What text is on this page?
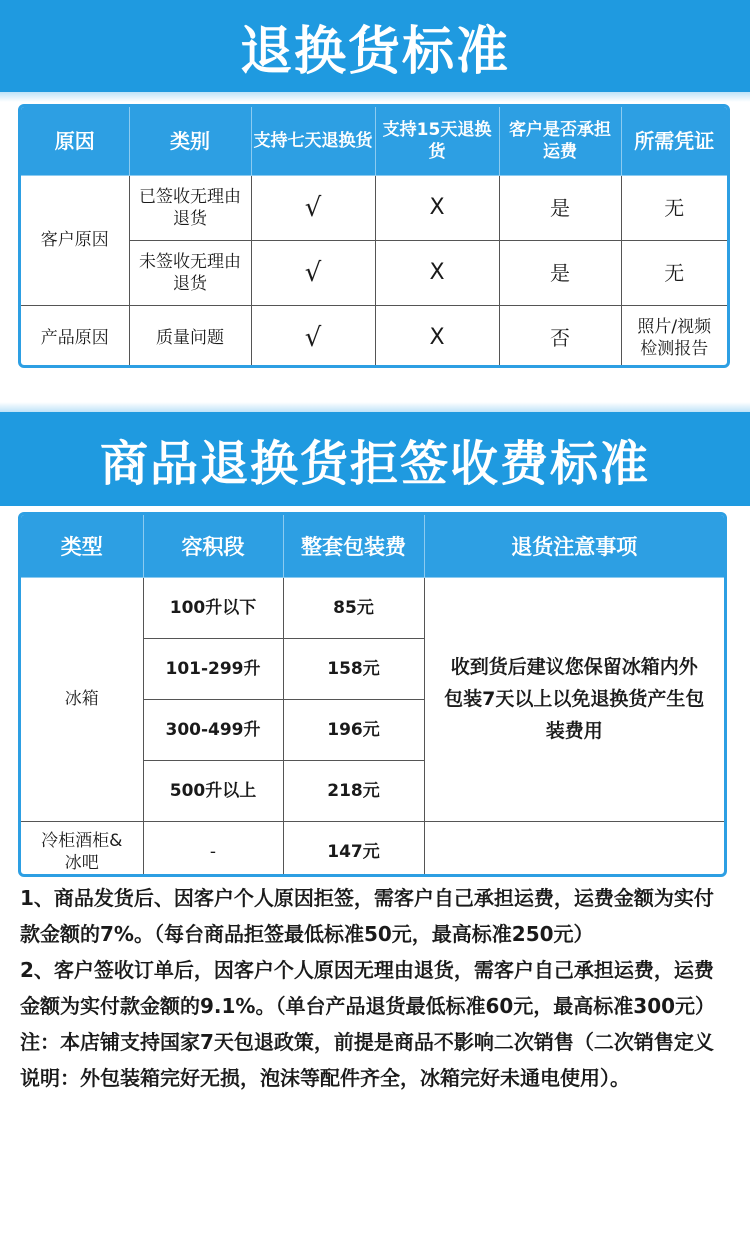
退换货标准
原因	类别	支持七天退换货	支持15天退换货	客户是否承担运费	所需凭证
客户原因	已签收无理由退货	√	X	是	无
	未签收无理由退货	√	X	是	无
产品原因	质量问题	√	X	否	照片/视频检测报告
商品退换货拒签收费标准
类型	容积段	整套包装费	退货注意事项
冰箱	100升以下	85元	收到货后建议您保留冰箱内外包装7天以上以免退换货产生包装费用
	101-299升	158元	
	300-499升	196元	
	500升以上	218元	
冷柜酒柜&冰吧	-	147元	

1、商品发货后、因客户个人原因拒签，需客户自己承担运费，运费金额为实付款金额的7%。（每台商品拒签最低标准50元，最高标准250元）

2、客户签收订单后，因客户个人原因无理由退货，需客户自己承担运费，运费金额为实付款金额的9.1%。（单台产品退货最低标准60元，最高标准300元）

注：本店铺支持国家7天包退政策，前提是商品不影响二次销售（二次销售定义说明：外包装箱完好无损，泡沫等配件齐全，冰箱完好未通电使用）。
